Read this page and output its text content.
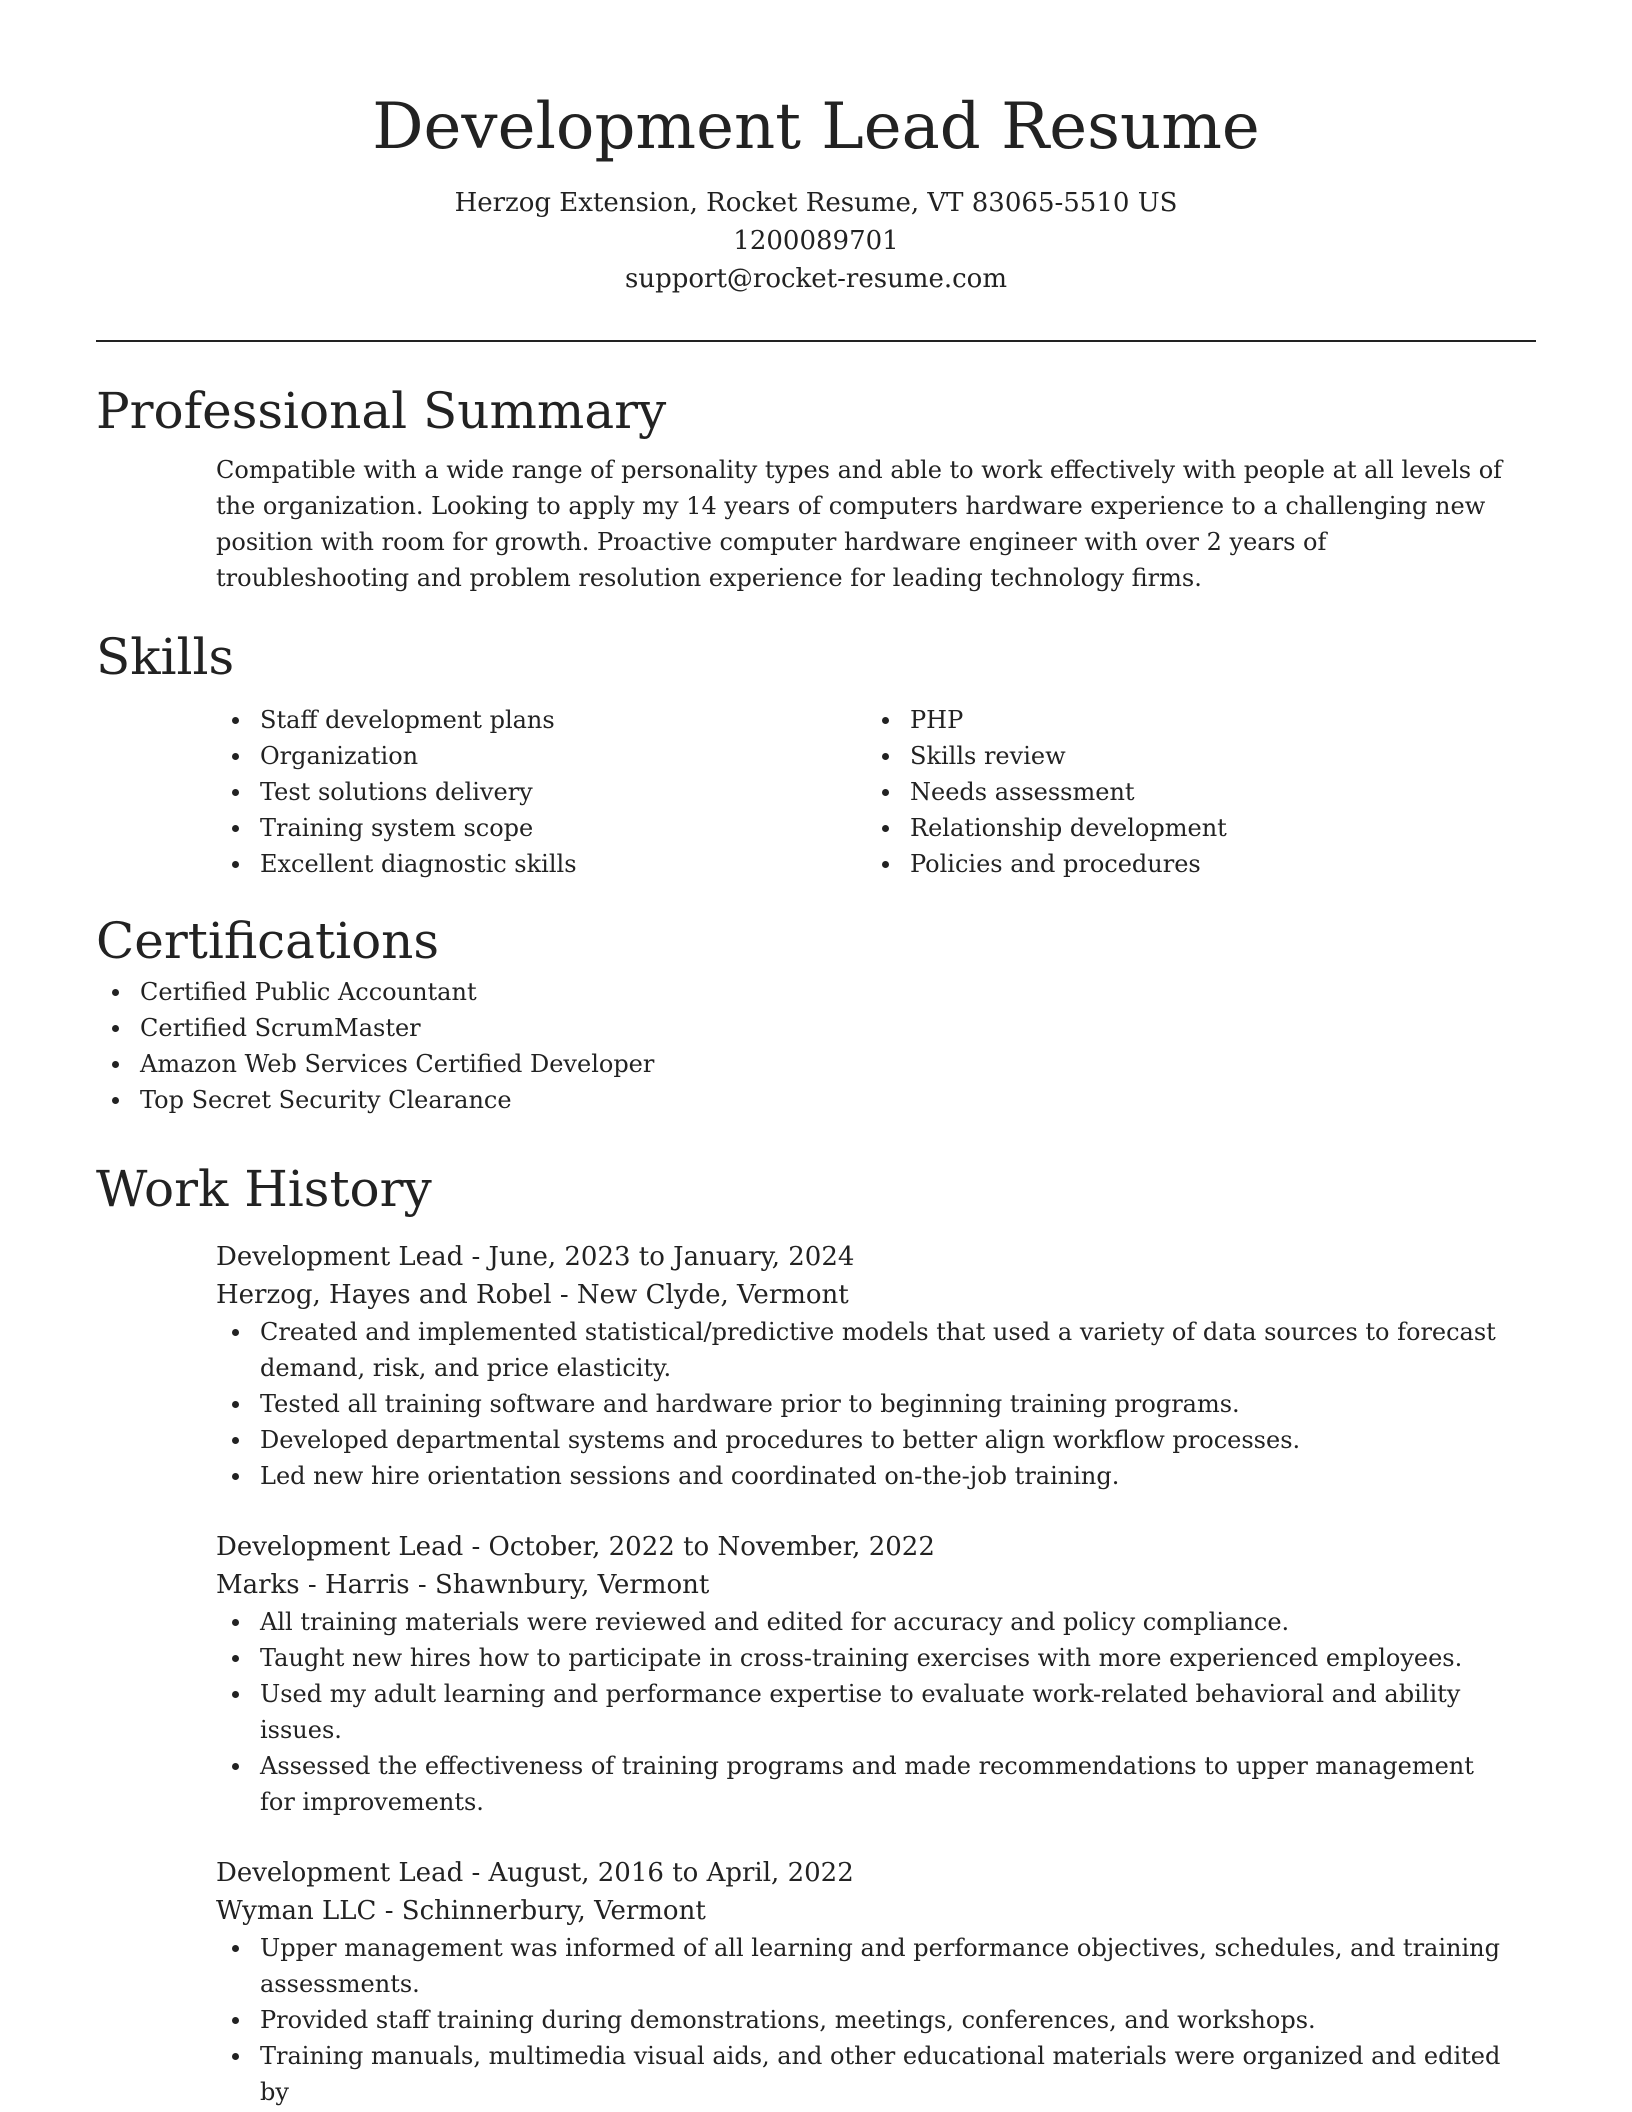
Development Lead Resume
Herzog Extension, Rocket Resume, VT 83065-5510 US
1200089701
support@rocket-resume.com
Professional Summary
Compatible with a wide range of personality types and able to work effectively with people at all levels of the organization. Looking to apply my 14 years of computers hardware experience to a challenging new position with room for growth. Proactive computer hardware engineer with over 2 years of troubleshooting and problem resolution experience for leading technology firms.
Skills
Staff development plans
Organization
Test solutions delivery
Training system scope
Excellent diagnostic skills
PHP
Skills review
Needs assessment
Relationship development
Policies and procedures
Certifications
Certified Public Accountant
Certified ScrumMaster
Amazon Web Services Certified Developer
Top Secret Security Clearance
Work History
Development Lead - June, 2023 to January, 2024
Herzog, Hayes and Robel - New Clyde, Vermont
Created and implemented statistical/predictive models that used a variety of data sources to forecast demand, risk, and price elasticity.
Tested all training software and hardware prior to beginning training programs.
Developed departmental systems and procedures to better align workflow processes.
Led new hire orientation sessions and coordinated on-the-job training.
Development Lead - October, 2022 to November, 2022
Marks - Harris - Shawnbury, Vermont
All training materials were reviewed and edited for accuracy and policy compliance.
Taught new hires how to participate in cross-training exercises with more experienced employees.
Used my adult learning and performance expertise to evaluate work-related behavioral and ability issues.
Assessed the effectiveness of training programs and made recommendations to upper management for improvements.
Development Lead - August, 2016 to April, 2022
Wyman LLC - Schinnerbury, Vermont
Upper management was informed of all learning and performance objectives, schedules, and training assessments.
Provided staff training during demonstrations, meetings, conferences, and workshops.
Training manuals, multimedia visual aids, and other educational materials were organized and edited by
